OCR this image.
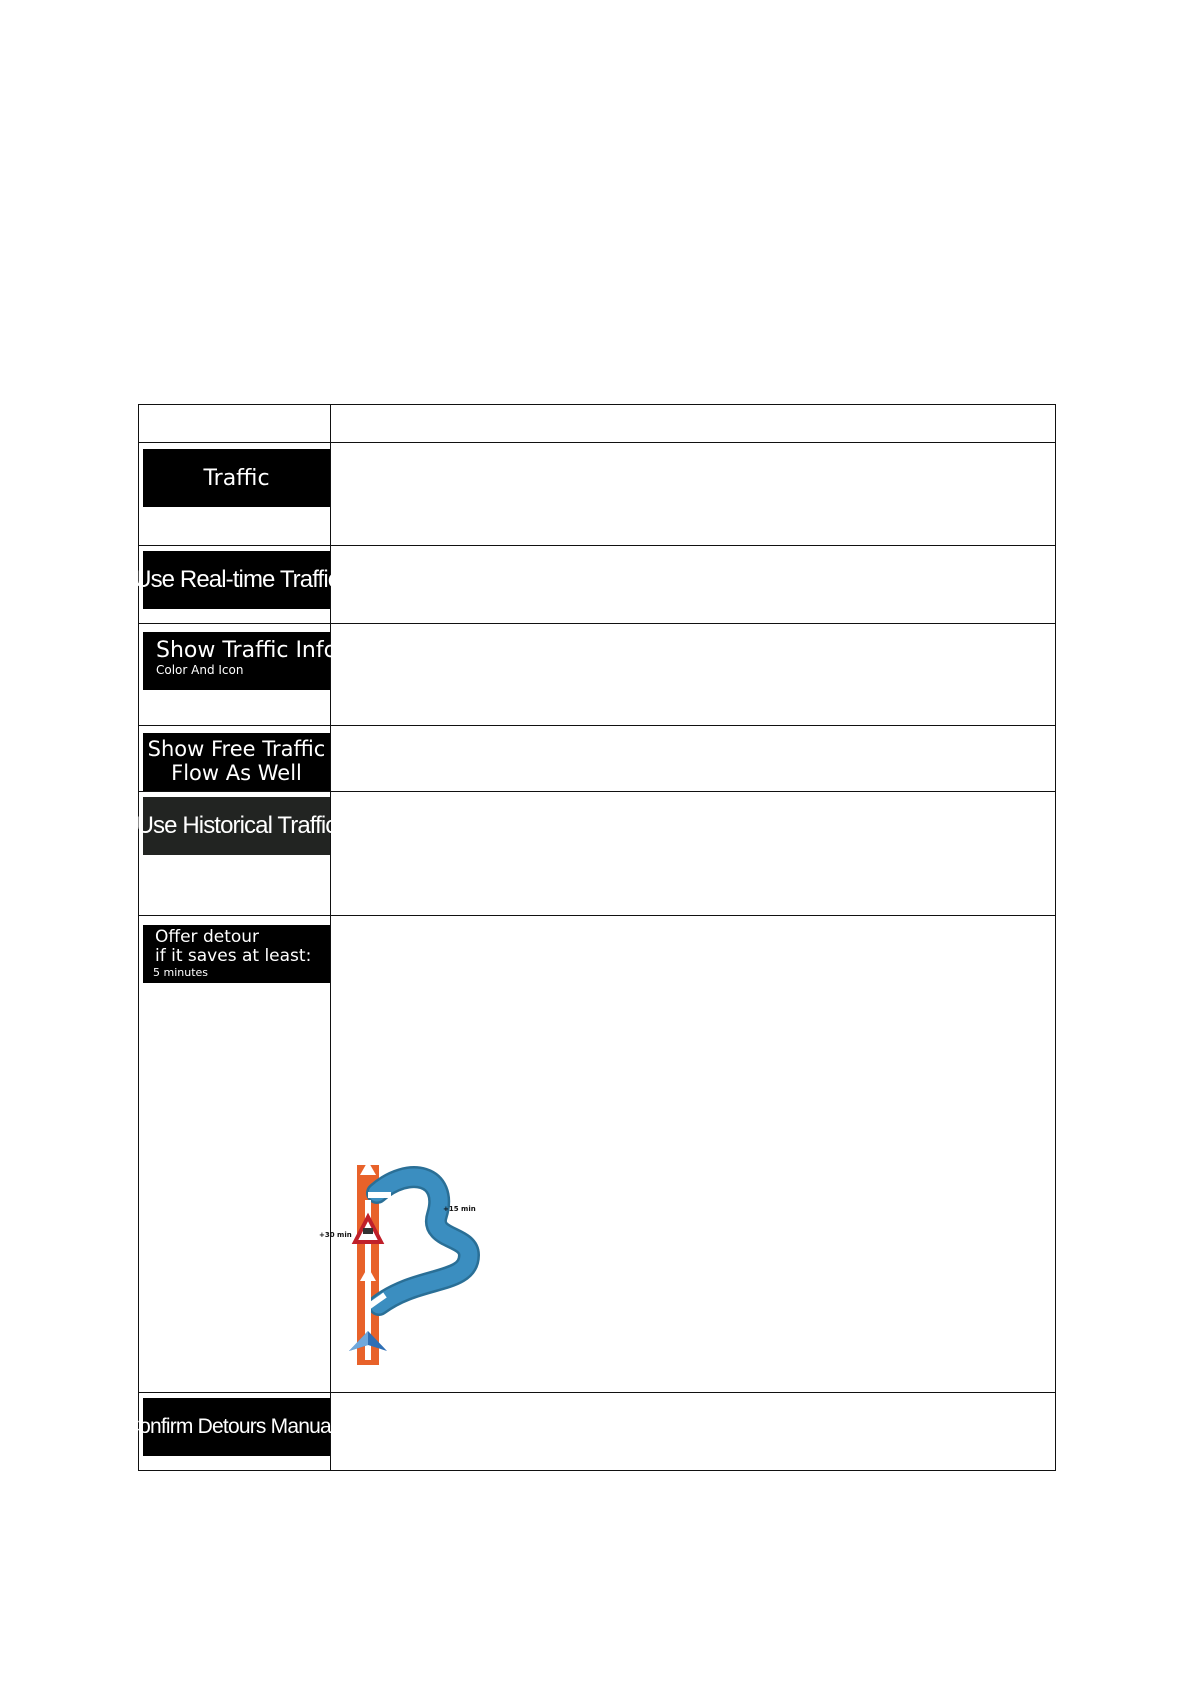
Traffic
Use Real-time Traffic
Show Traffic Info
Color And Icon
Show Free Traffic
Flow As Well
Use Historical Traffic
Offer detour
if it saves at least:
5 minutes
Confirm Detours Manually
+30 min
+15 min
